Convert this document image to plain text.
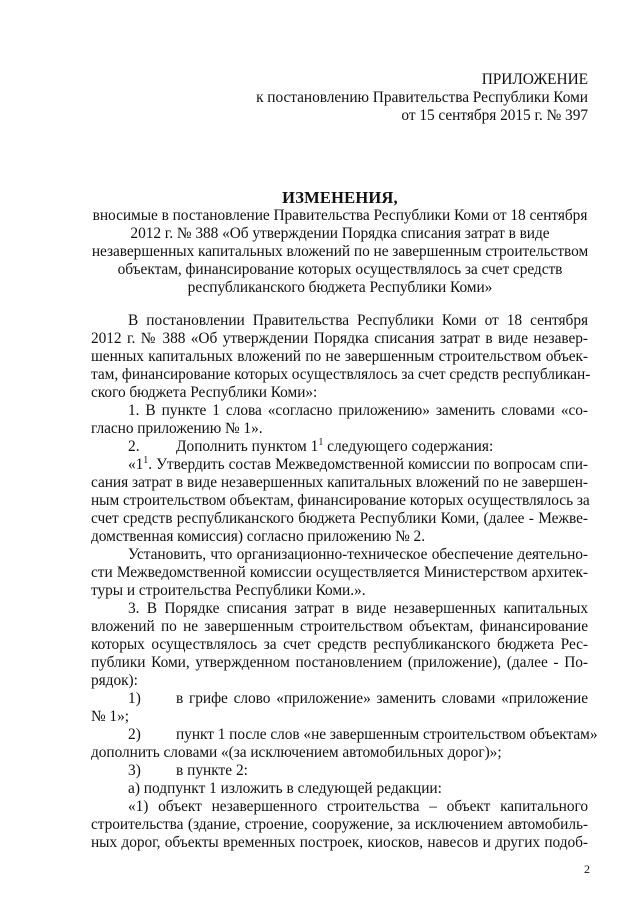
ПРИЛОЖЕНИЕ
к постановлению Правительства Республики Коми
от 15 сентября 2015 г. № 397
ИЗМЕНЕНИЯ,
вносимые в постановление Правительства Республики Коми от 18 сентября
2012 г. № 388 «Об утверждении Порядка списания затрат в виде
незавершенных капитальных вложений по не завершенным строительством
объектам, финансирование которых осуществлялось за счет средств
республиканского бюджета Республики Коми»
В постановлении Правительства Республики Коми от 18 сентября
2012 г. № 388 «Об утверждении Порядка списания затрат в виде незавер-
шенных капитальных вложений по не завершенным строительством объек-
там, финансирование которых осуществлялось за счет средств республикан-
ского бюджета Республики Коми»:
1. В пункте 1 слова «согласно приложению» заменить словами «со-
гласно приложению № 1».
2. Дополнить пунктом $1^1$ следующего содержания:
«$1^1$. Утвердить состав Межведомственной комиссии по вопросам спи-
сания затрат в виде незавершенных капитальных вложений по не завершен-
ным строительством объектам, финансирование которых осуществлялось за
счет средств республиканского бюджета Республики Коми, (далее - Межве-
домственная комиссия) согласно приложению № 2.
Установить, что организационно-техническое обеспечение деятельно-
сти Межведомственной комиссии осуществляется Министерством архитек-
туры и строительства Республики Коми.».
3. В Порядке списания затрат в виде незавершенных капитальных
вложений по не завершенным строительством объектам, финансирование
которых осуществлялось за счет средств республиканского бюджета Рес-
публики Коми, утвержденном постановлением (приложение), (далее - По-
рядок):
1) в грифе слово «приложение» заменить словами «приложение
№ 1»;
2) пункт 1 после слов «не завершенным строительством объектам»
дополнить словами «(за исключением автомобильных дорог)»;
3) в пункте 2:
а) подпункт 1 изложить в следующей редакции:
«1) объект незавершенного строительства – объект капитального
строительства (здание, строение, сооружение, за исключением автомобиль-
ных дорог, объекты временных построек, киосков, навесов и других подоб-
2
